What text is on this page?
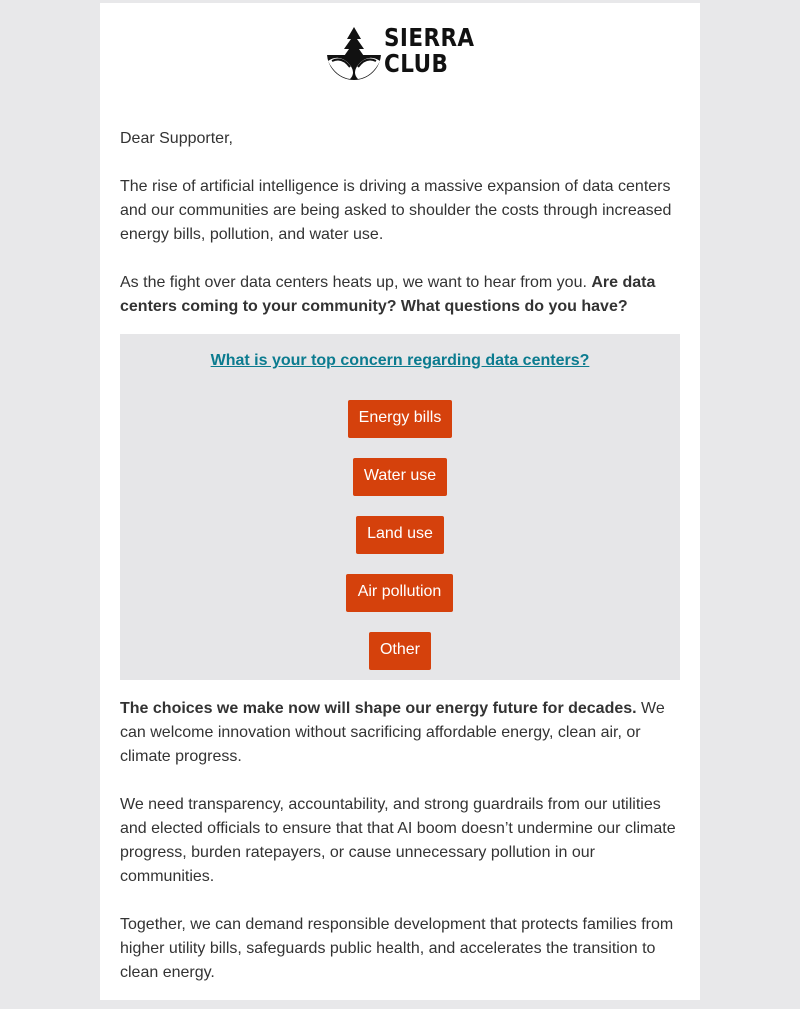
SIERRA
CLUB

Dear Supporter,

The rise of artificial intelligence is driving a massive expansion of data centers and our communities are being asked to shoulder the costs through increased energy bills, pollution, and water use.

As the fight over data centers heats up, we want to hear from you. Are data centers coming to your community? What questions do you have?

What is your top concern regarding data centers?
Energy bills
Water use
Land use
Air pollution
Other

The choices we make now will shape our energy future for decades. We can welcome innovation without sacrificing affordable energy, clean air, or climate progress.

We need transparency, accountability, and strong guardrails from our utilities and elected officials to ensure that that AI boom doesn’t undermine our climate progress, burden ratepayers, or cause unnecessary pollution in our communities.

Together, we can demand responsible development that protects families from higher utility bills, safeguards public health, and accelerates the transition to clean energy.
